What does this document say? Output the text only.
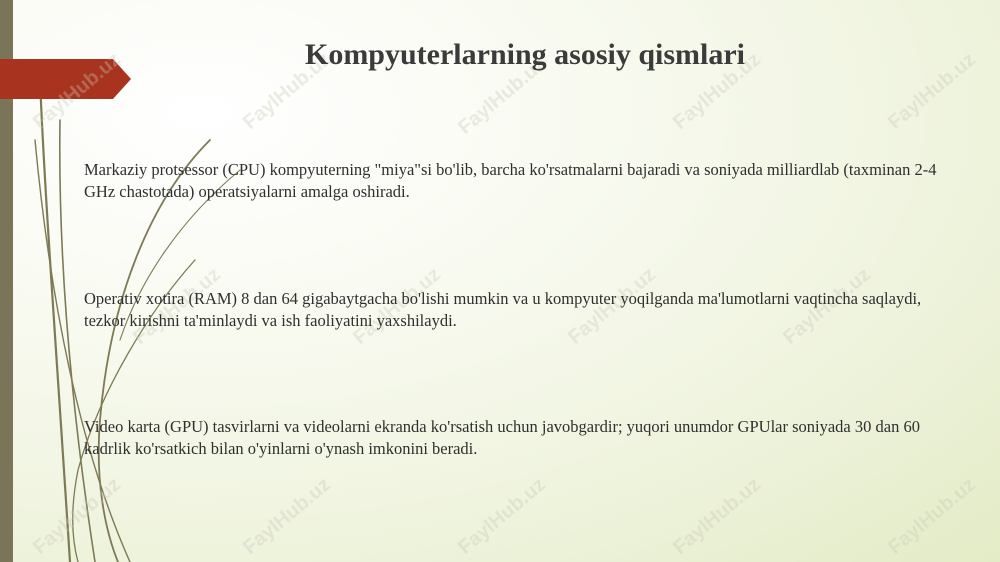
FaylHub.uz	FaylHub.uz	FaylHub.uz	FaylHub.uz	FaylHub.uz
FaylHub.uz	FaylHub.uz	FaylHub.uz	FaylHub.uz
FaylHub.uz	FaylHub.uz	FaylHub.uz	FaylHub.uz	FaylHub.uz
Kompyuterlarning asosiy qismlari

Markaziy protsessor (CPU) kompyuterning "miya"si bo'lib, barcha ko'rsatmalarni bajaradi va soniyada milliardlab (taxminan 2-4 GHz chastotada) operatsiyalarni amalga oshiradi.

Operativ xotira (RAM) 8 dan 64 gigabaytgacha bo'lishi mumkin va u kompyuter yoqilganda ma'lumotlarni vaqtincha saqlaydi, tezkor kirishni ta'minlaydi va ish faoliyatini yaxshilaydi.

Video karta (GPU) tasvirlarni va videolarni ekranda ko'rsatish uchun javobgardir; yuqori unumdor GPUlar soniyada 30 dan 60 kadrlik ko'rsatkich bilan o'yinlarni o'ynash imkonini beradi.
